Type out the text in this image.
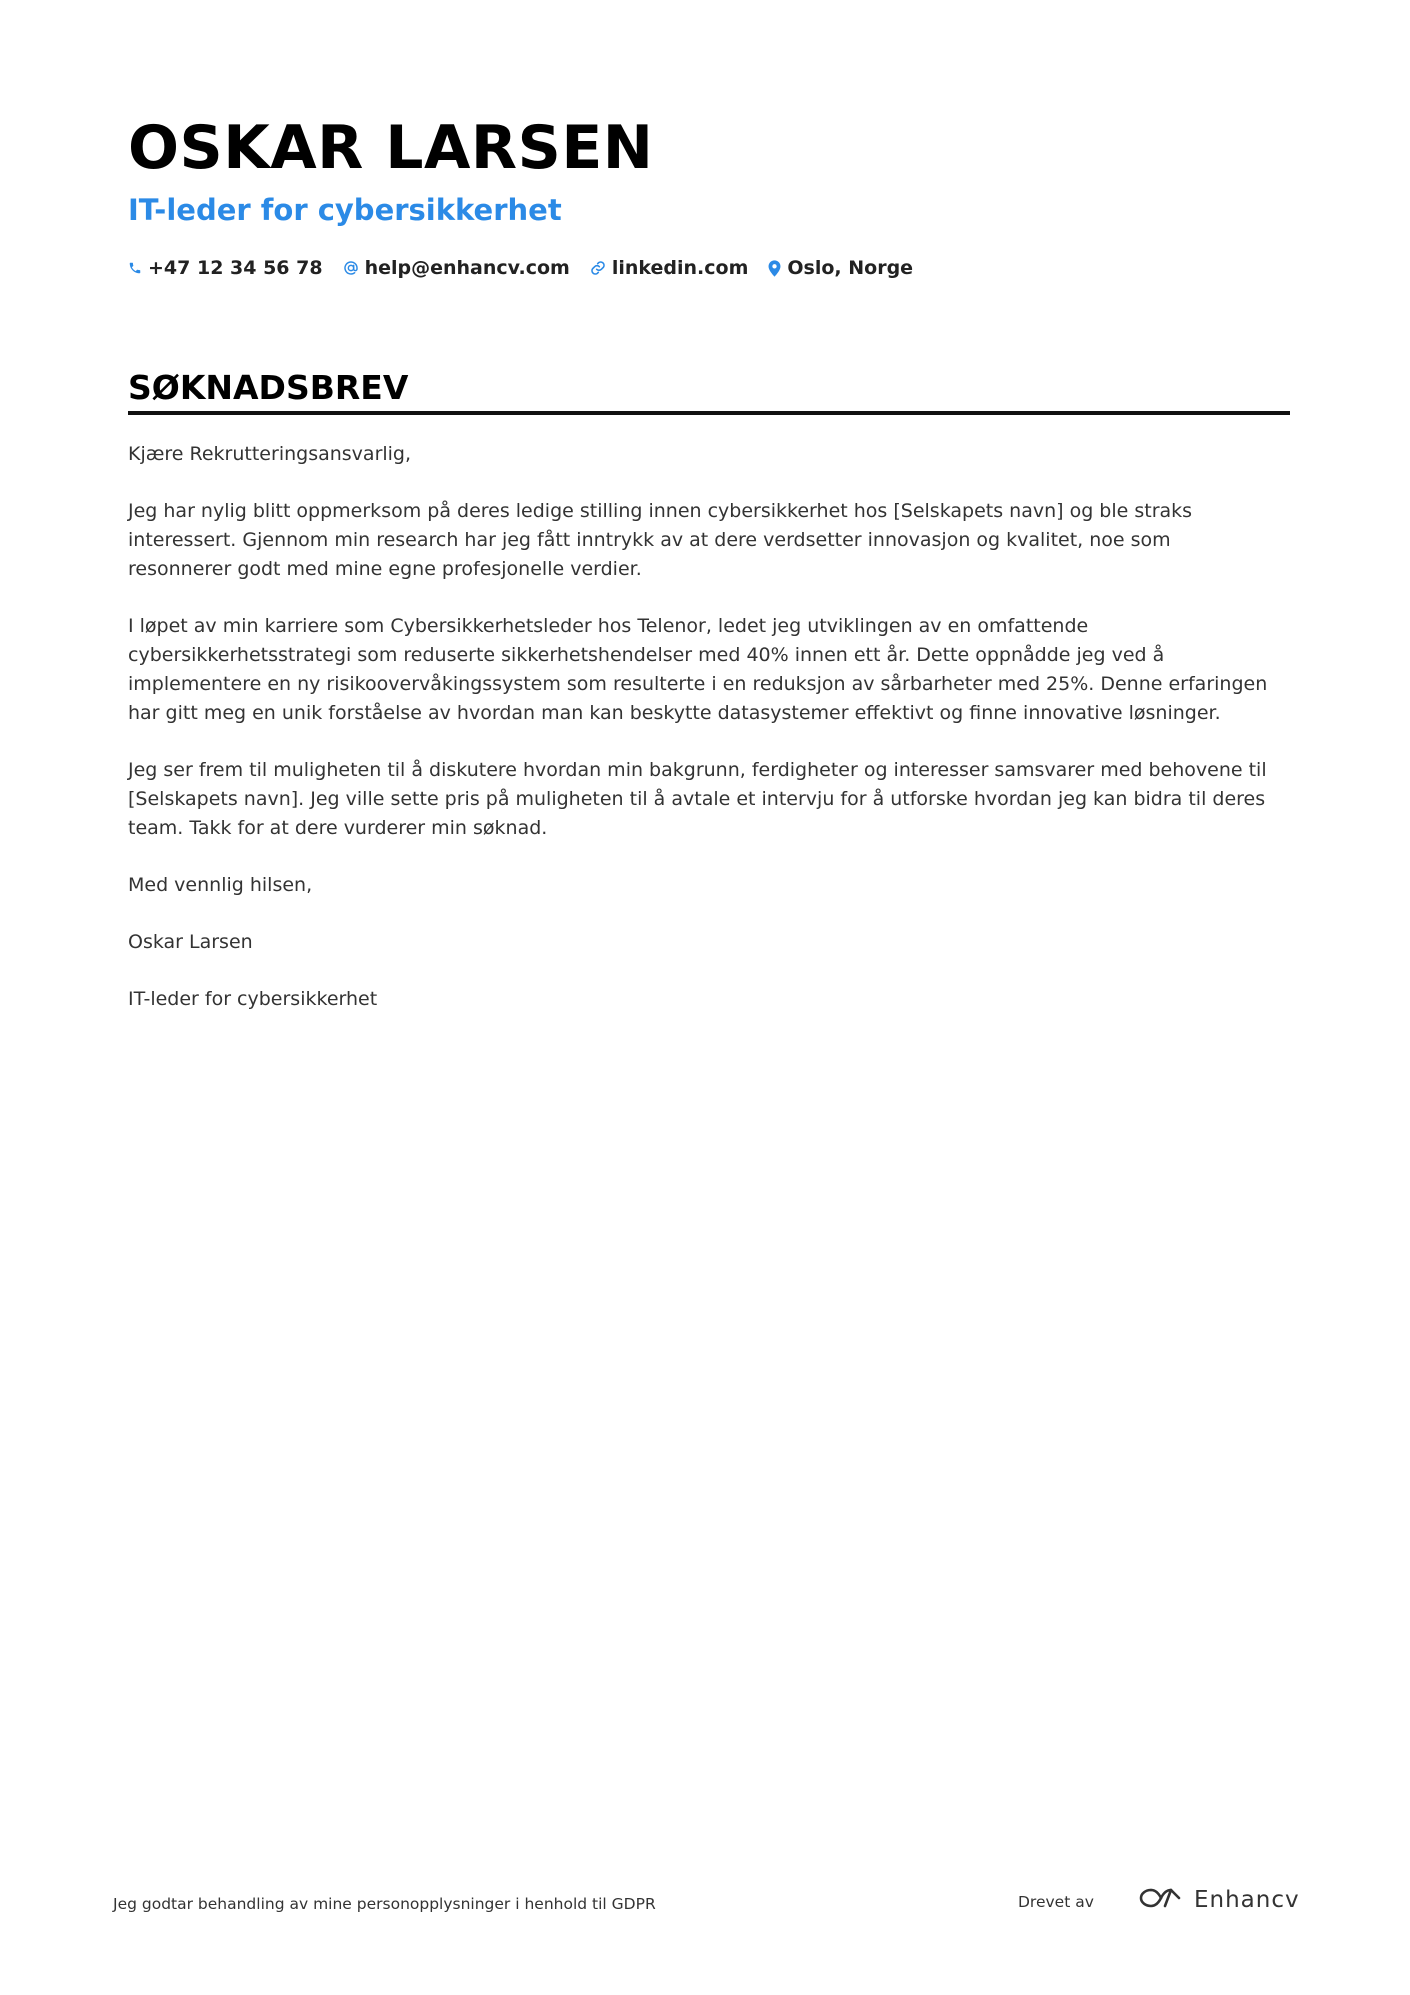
OSKAR LARSEN
IT-leder for cybersikkerhet
+47 12 34 56 78 help@enhancv.com linkedin.com Oslo, Norge
SØKNADSBREV

Kjære Rekrutteringsansvarlig,

Jeg har nylig blitt oppmerksom på deres ledige stilling innen cybersikkerhet hos [Selskapets navn] og ble straks interessert. Gjennom min research har jeg fått inntrykk av at dere verdsetter innovasjon og kvalitet, noe som resonnerer godt med mine egne profesjonelle verdier.

I løpet av min karriere som Cybersikkerhetsleder hos Telenor, ledet jeg utviklingen av en omfattende cybersikkerhetsstrategi som reduserte sikkerhetshendelser med 40% innen ett år. Dette oppnådde jeg ved å implementere en ny risikoovervåkingssystem som resulterte i en reduksjon av sårbarheter med 25%. Denne erfaringen har gitt meg en unik forståelse av hvordan man kan beskytte datasystemer effektivt og finne innovative løsninger.

Jeg ser frem til muligheten til å diskutere hvordan min bakgrunn, ferdigheter og interesser samsvarer med behovene til [Selskapets navn]. Jeg ville sette pris på muligheten til å avtale et intervju for å utforske hvordan jeg kan bidra til deres team. Takk for at dere vurderer min søknad.

Med vennlig hilsen,

Oskar Larsen

IT-leder for cybersikkerhet

Jeg godtar behandling av mine personopplysninger i henhold til GDPR	Drevet av	Enhancv
